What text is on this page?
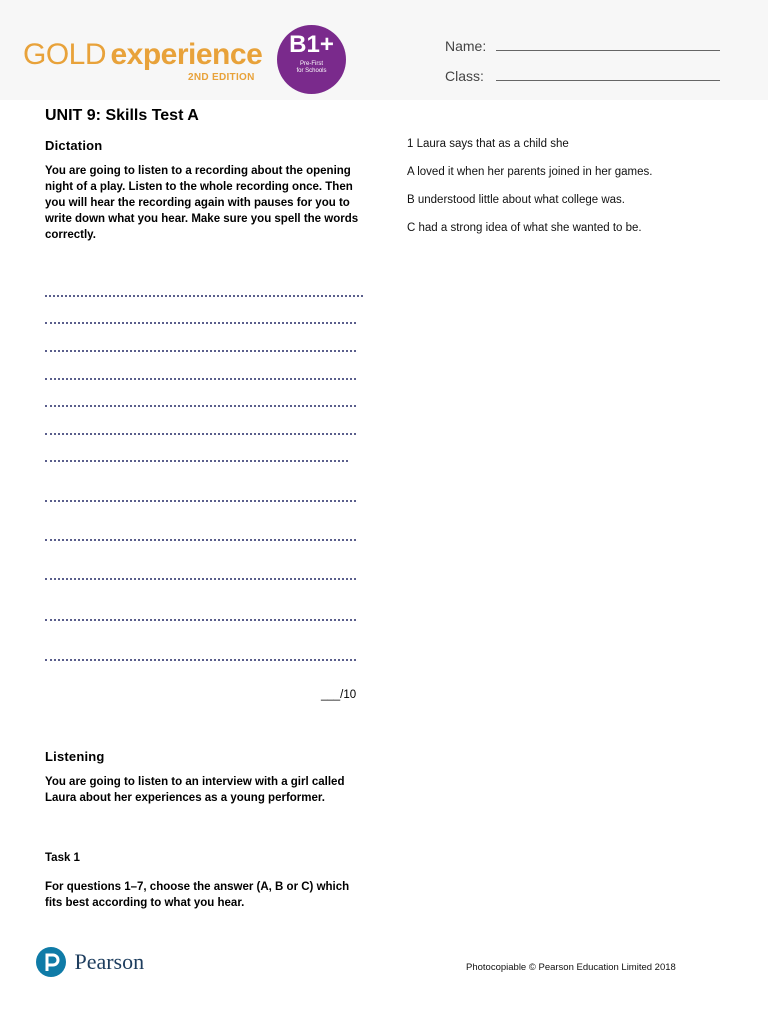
GOLD experience
2ND EDITION
B1+
Pre-First
for Schools
Name:
Class:
UNIT 9: Skills Test A
Dictation
You are going to listen to a recording about the opening night of a play. Listen to the whole recording once. Then you will hear the recording again with pauses for you to write down what you hear. Make sure you spell the words correctly.
___/10
Listening
You are going to listen to an interview with a girl called Laura about her experiences as a young performer.
Task 1
For questions 1–7, choose the answer (A, B or C) which fits best according to what you hear.
1 Laura says that as a child she
A loved it when her parents joined in her games.
B understood little about what college was.
C had a strong idea of what she wanted to be.
Pearson	Photocopiable © Pearson Education Limited 2018
